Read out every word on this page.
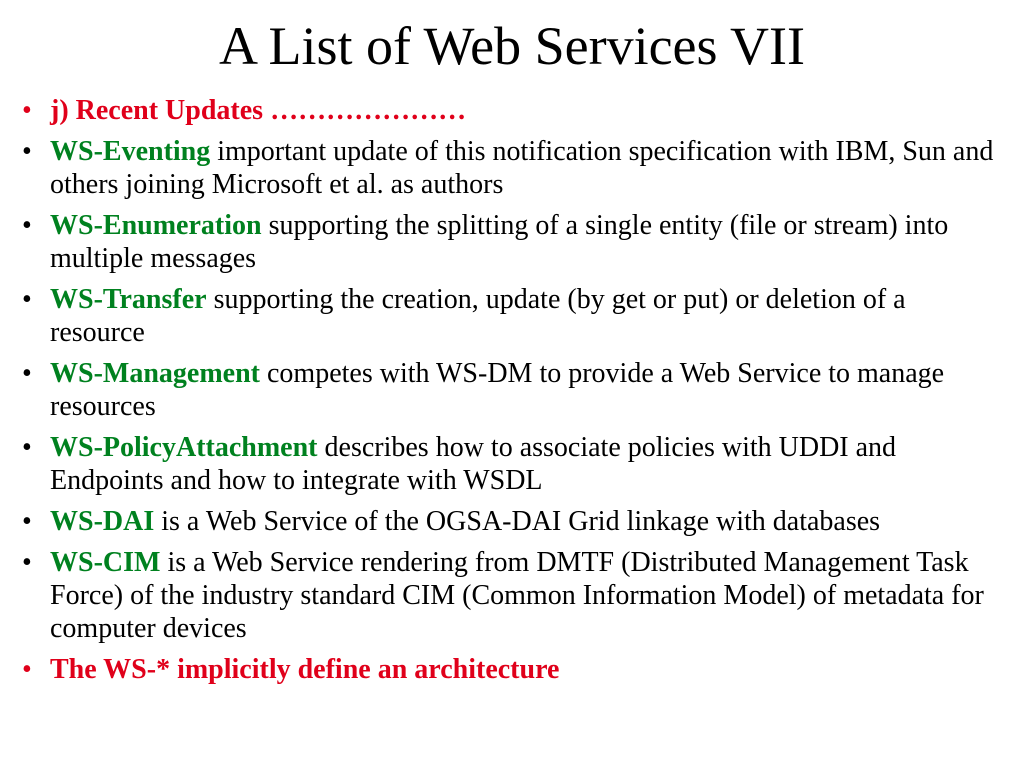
A List of Web Services VII
• j) Recent Updates …………………
• WS-Eventing important update of this notification specification with IBM, Sun and others joining Microsoft et al. as authors
• WS-Enumeration supporting the splitting of a single entity (file or stream) into multiple messages
• WS-Transfer supporting the creation, update (by get or put) or deletion of a resource
• WS-Management competes with WS-DM to provide a Web Service to manage resources
• WS-PolicyAttachment describes how to associate policies with UDDI and Endpoints and how to integrate with WSDL
• WS-DAI is a Web Service of the OGSA-DAI Grid linkage with databases
• WS-CIM is a Web Service rendering from DMTF (Distributed Management Task Force) of the industry standard CIM (Common Information Model) of metadata for computer devices
• The WS-* implicitly define an architecture
